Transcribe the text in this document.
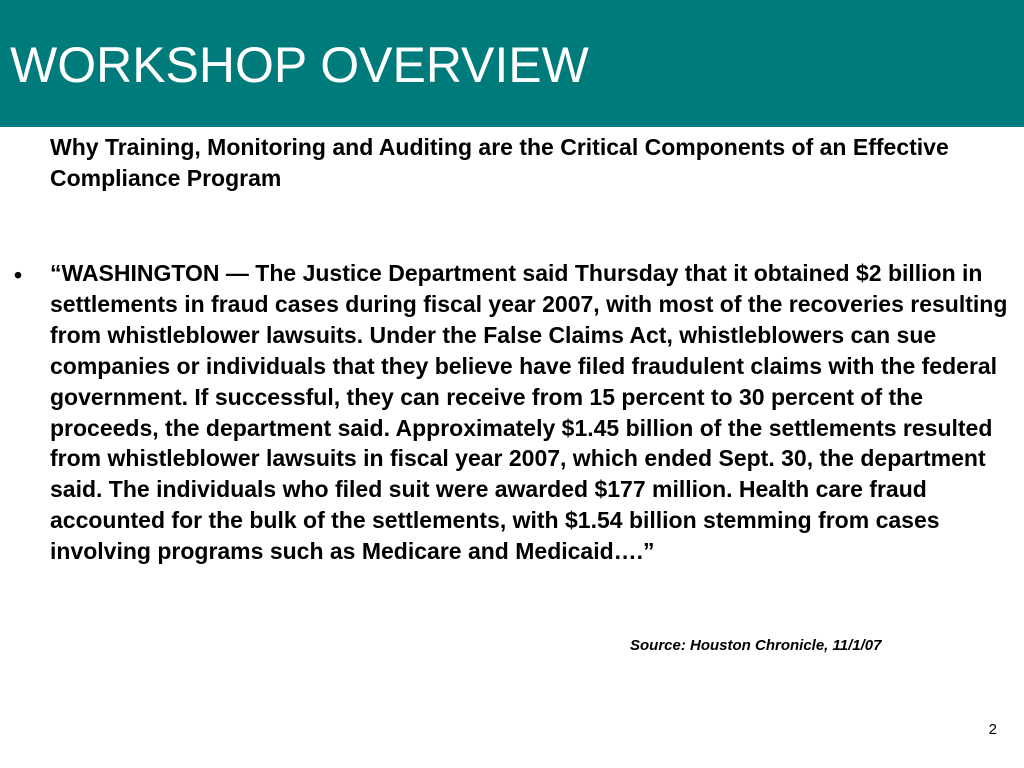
WORKSHOP OVERVIEW

Why Training, Monitoring and Auditing are the Critical Components of an Effective Compliance Program

• “WASHINGTON — The Justice Department said Thursday that it obtained $2 billion in settlements in fraud cases during fiscal year 2007, with most of the recoveries resulting from whistleblower lawsuits. Under the False Claims Act, whistleblowers can sue companies or individuals that they believe have filed fraudulent claims with the federal government. If successful, they can receive from 15 percent to 30 percent of the proceeds, the department said. Approximately $1.45 billion of the settlements resulted from whistleblower lawsuits in fiscal year 2007, which ended Sept. 30, the department said. The individuals who filed suit were awarded $177 million. Health care fraud accounted for the bulk of the settlements, with $1.54 billion stemming from cases involving programs such as Medicare and Medicaid….”

Source: Houston Chronicle, 11/1/07
2
